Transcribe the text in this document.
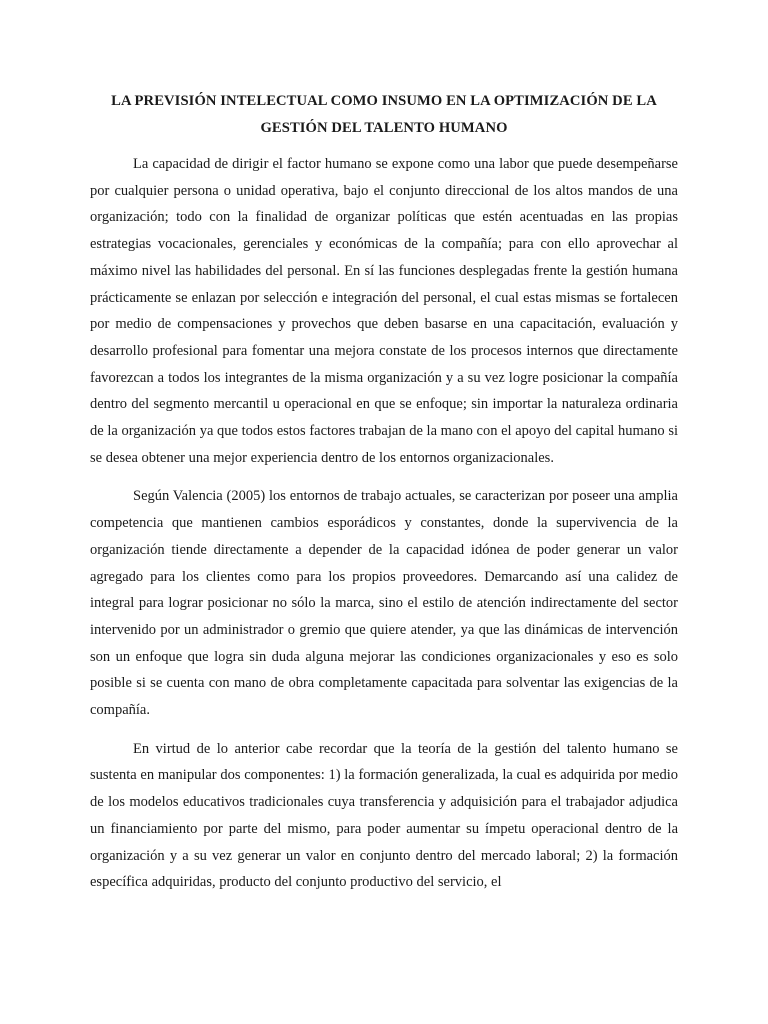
LA PREVISIÓN INTELECTUAL COMO INSUMO EN LA OPTIMIZACIÓN DE LA
GESTIÓN DEL TALENTO HUMANO

La capacidad de dirigir el factor humano se expone como una labor que puede desempeñarse por cualquier persona o unidad operativa, bajo el conjunto direccional de los altos mandos de una organización; todo con la finalidad de organizar políticas que estén acentuadas en las propias estrategias vocacionales, gerenciales y económicas de la compañía; para con ello aprovechar al máximo nivel las habilidades del personal. En sí las funciones desplegadas frente la gestión humana prácticamente se enlazan por selección e integración del personal, el cual estas mismas se fortalecen por medio de compensaciones y provechos que deben basarse en una capacitación, evaluación y desarrollo profesional para fomentar una mejora constate de los procesos internos que directamente favorezcan a todos los integrantes de la misma organización y a su vez logre posicionar la compañía dentro del segmento mercantil u operacional en que se enfoque; sin importar la naturaleza ordinaria de la organización ya que todos estos factores trabajan de la mano con el apoyo del capital humano si se desea obtener una mejor experiencia dentro de los entornos organizacionales.

Según Valencia (2005) los entornos de trabajo actuales, se caracterizan por poseer una amplia competencia que mantienen cambios esporádicos y constantes, donde la supervivencia de la organización tiende directamente a depender de la capacidad idónea de poder generar un valor agregado para los clientes como para los propios proveedores. Demarcando así una calidez de integral para lograr posicionar no sólo la marca, sino el estilo de atención indirectamente del sector intervenido por un administrador o gremio que quiere atender, ya que las dinámicas de intervención son un enfoque que logra sin duda alguna mejorar las condiciones organizacionales y eso es solo posible si se cuenta con mano de obra completamente capacitada para solventar las exigencias de la compañía.

En virtud de lo anterior cabe recordar que la teoría de la gestión del talento humano se sustenta en manipular dos componentes: 1) la formación generalizada, la cual es adquirida por medio de los modelos educativos tradicionales cuya transferencia y adquisición para el trabajador adjudica un financiamiento por parte del mismo, para poder aumentar su ímpetu operacional dentro de la organización y a su vez generar un valor en conjunto dentro del mercado laboral; 2) la formación específica adquiridas, producto del conjunto productivo del servicio, el
